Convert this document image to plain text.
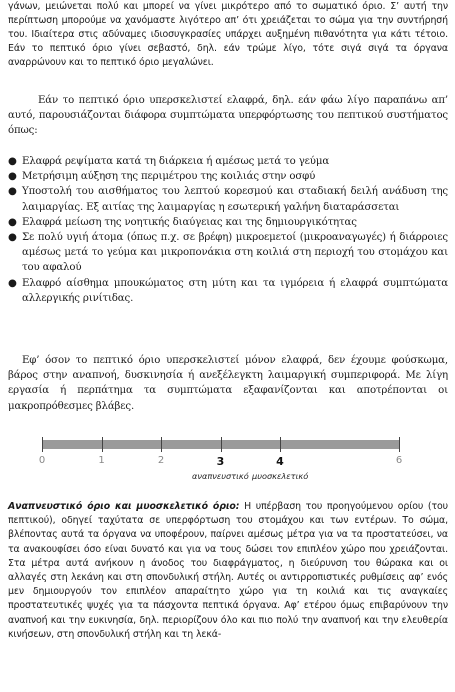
γάνων, μειώνεται πολύ και μπορεί να γίνει μικρότερο από το σωματικό όριο. Σ’ αυτή την περίπτωση μπορούμε να χανόμαστε λιγότερο απ’ ότι χρειάζεται το σώμα για την συντήρησή του. Ιδιαίτερα στις αδύναμες ιδιοσυγκρασίες υπάρχει αυξημένη πιθανότητα για κάτι τέτοιο. Εάν το πεπτικό όριο γίνει σεβαστό, δηλ. εάν τρώμε λίγο, τότε σιγά σιγά τα όργανα αναρρώνουν και το πεπτικό όριο μεγαλώνει.

Εάν το πεπτικό όριο υπερσκελιστεί ελαφρά, δηλ. εάν φάω λίγο παραπάνω απ’ αυτό, παρουσιάζονται διάφορα συμπτώματα υπερφόρτωσης του πεπτικού συστήματος όπως:

● Ελαφρά ρεψίματα κατά τη διάρκεια ή αμέσως μετά το γεύμα
● Μετρήσιμη αύξηση της περιμέτρου της κοιλιάς στην οσφύ
● Υποστολή του αισθήματος του λεπτού κορεσμού και σταδιακή δειλή ανάδυση της λαιμαργίας. Εξ αιτίας της λαιμαργίας η εσωτερική γαλήνη διαταράσσεται
● Ελαφρά μείωση της νοητικής διαύγειας και της δημιουργικότητας
● Σε πολύ υγιή άτομα (όπως π.χ. σε βρέφη) μικροεμετοί (μικροαναγωγές) ή διάρροιες αμέσως μετά το γεύμα και μικροπονάκια στη κοιλιά στη περιοχή του στομάχου και του αφαλού
● Ελαφρό αίσθημα μπουκώματος στη μύτη και τα ιγμόρεια ή ελαφρά συμπτώματα αλλεργικής ρινίτιδας.

Εφ’ όσον το πεπτικό όριο υπερσκελιστεί μόνον ελαφρά, δεν έχουμε φούσκωμα, βάρος στην αναπνοή, δυσκινησία ή ανεξέλεγκτη λαιμαργική συμπεριφορά. Με λίγη εργασία ή περπάτημα τα συμπτώματα εξαφανίζονται και αποτρέπονται οι μακροπρόθεσμες βλάβες.

0	1	2	3	4	6
αναπνευστικό μυοσκελετικό

Αναπνευστικό όριο και μυοσκελετικό όριο: Η υπέρβαση του προηγούμενου ορίου (του πεπτικού), οδηγεί ταχύτατα σε υπερφόρτωση του στομάχου και των εντέρων. Το σώμα, βλέποντας αυτά τα όργανα να υποφέρουν, παίρνει αμέσως μέτρα για να τα προστατεύσει, να τα ανακουφίσει όσο είναι δυνατό και για να τους δώσει τον επιπλέον χώρο που χρειάζονται. Στα μέτρα αυτά ανήκουν η άνοδος του διαφράγματος, η διεύρυνση του θώρακα και οι αλλαγές στη λεκάνη και στη σπονδυλική στήλη. Αυτές οι αντιρροπιστικές ρυθμίσεις αφ’ ενός μεν δημιουργούν τον επιπλέον απαραίτητο χώρο για τη κοιλιά και τις αναγκαίες προστατευτικές ψυχές για τα πάσχοντα πεπτικά όργανα. Αφ’ ετέρου όμως επιβαρύνουν την αναπνοή και την ευκινησία, δηλ. περιορίζουν όλο και πιο πολύ την αναπνοή και την ελευθερία κινήσεων, στη σπονδυλική στήλη και τη λεκά-
